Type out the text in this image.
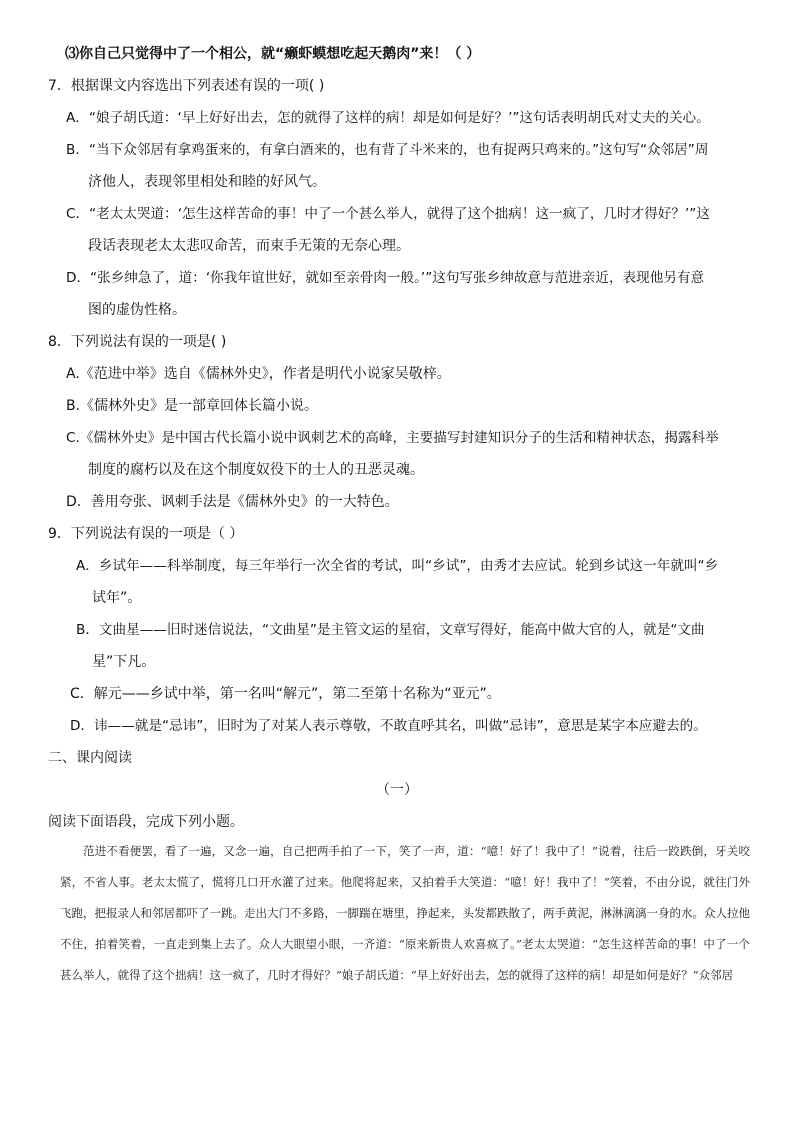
⑶你自己只觉得中了一个相公，就“癞虾蟆想吃起天鹅肉”来！（ ）
7．根据课文内容选出下列表述有误的一项( )
A．“娘子胡氏道：‘早上好好出去，怎的就得了这样的病！却是如何是好？’”这句话表明胡氏对丈夫的关心。
B．“当下众邻居有拿鸡蛋来的，有拿白酒来的，也有背了斗米来的，也有捉两只鸡来的。”这句写“众邻居”周
济他人，表现邻里相处和睦的好风气。
C．“老太太哭道：‘怎生这样苦命的事！中了一个甚么举人，就得了这个拙病！这一疯了，几时才得好？’”这
段话表现老太太悲叹命苦，而束手无策的无奈心理。
D．“张乡绅急了，道：‘你我年谊世好，就如至亲骨肉一般。’”这句写张乡绅故意与范进亲近，表现他另有意
图的虚伪性格。
8．下列说法有误的一项是( )
A.《范进中举》选自《儒林外史》，作者是明代小说家吴敬梓。
B.《儒林外史》是一部章回体长篇小说。
C.《儒林外史》是中国古代长篇小说中讽刺艺术的高峰，主要描写封建知识分子的生活和精神状态，揭露科举
制度的腐朽以及在这个制度奴役下的士人的丑恶灵魂。
D．善用夸张、讽刺手法是《儒林外史》的一大特色。
9．下列说法有误的一项是（ ）
A．乡试年——科举制度，每三年举行一次全省的考试，叫“乡试”，由秀才去应试。轮到乡试这一年就叫“乡
试年”。
B．文曲星——旧时迷信说法，“文曲星”是主管文运的星宿，文章写得好，能高中做大官的人，就是“文曲
星”下凡。
C．解元——乡试中举，第一名叫“解元”，第二至第十名称为“亚元”。
D．讳——就是“忌讳”，旧时为了对某人表示尊敬，不敢直呼其名，叫做“忌讳”，意思是某字本应避去的。
二、课内阅读
（一）
阅读下面语段，完成下列小题。
范进不看便罢，看了一遍，又念一遍，自己把两手拍了一下，笑了一声，道：“噫！好了！我中了！”说着，往后一跤跌倒，牙关咬紧，不省人事。老太太慌了，慌将几口开水灌了过来。他爬将起来，又拍着手大笑道：“噫！好！我中了！”笑着，不由分说，就往门外飞跑，把报录人和邻居都吓了一跳。走出大门不多路，一脚踹在塘里，挣起来，头发都跌散了，两手黄泥，淋淋漓漓一身的水。众人拉他不住，拍着笑着，一直走到集上去了。众人大眼望小眼，一齐道：“原来新贵人欢喜疯了。”老太太哭道：“怎生这样苦命的事！中了一个甚么举人，就得了这个拙病！这一疯了，几时才得好？”娘子胡氏道：“早上好好出去，怎的就得了这样的病！却是如何是好？”众邻居
